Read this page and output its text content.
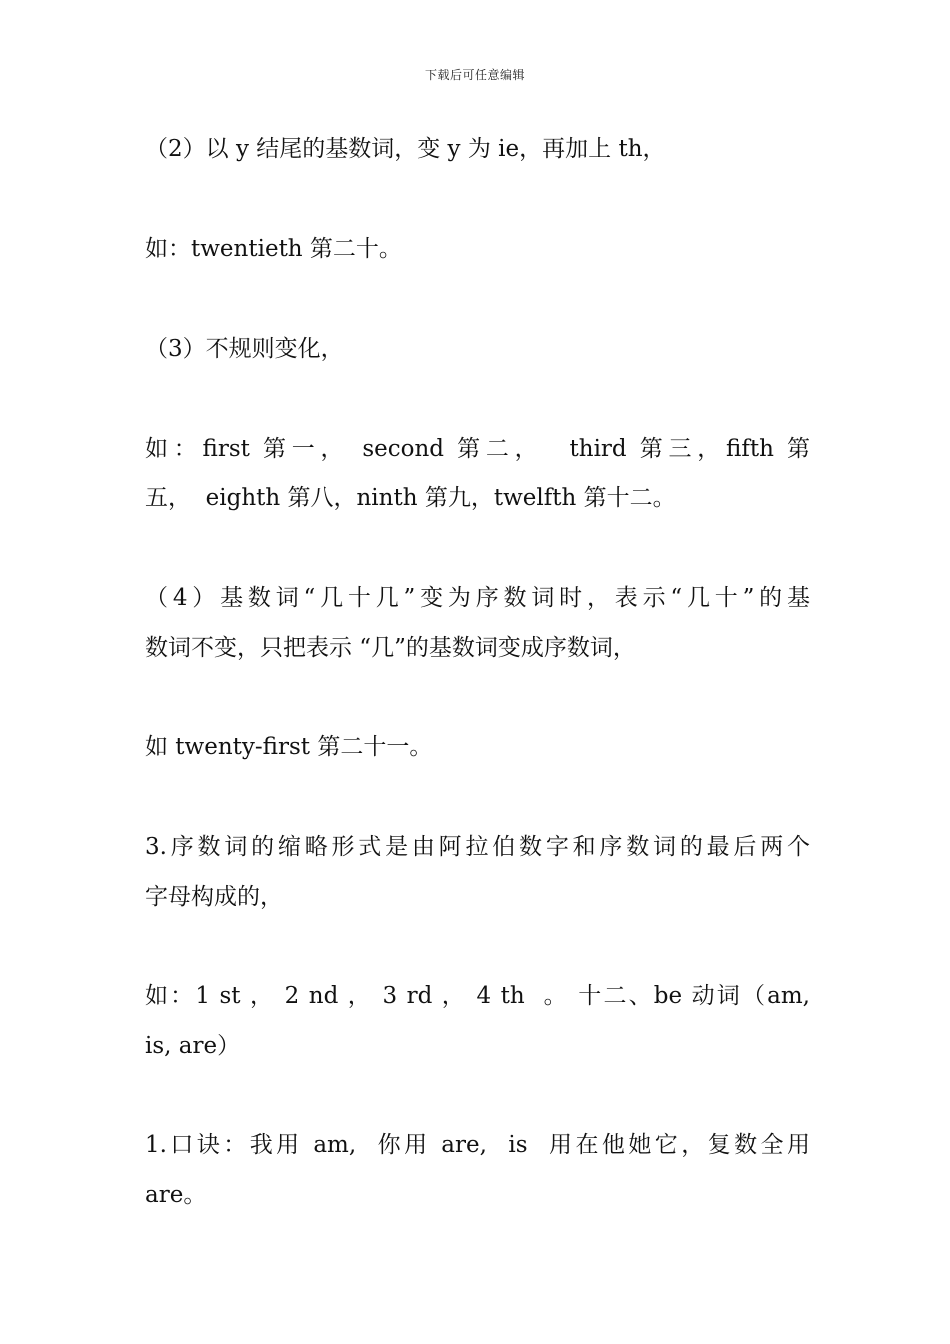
下载后可任意编辑
（2）以 y 结尾的基数词，变 y 为 ie，再加上 th，
如：twentieth 第二十。
（3）不规则变化，
如：first 第一， second 第二，  third 第三，fifth 第
五，  eighth 第八，ninth 第九，twelfth 第十二。
（4）基数词“几十几”变为序数词时，表示“几十”的基
数词不变，只把表示 “几”的基数词变成序数词，
如 twenty-first 第二十一。
3.序数词的缩略形式是由阿拉伯数字和序数词的最后两个
字母构成的，
如：1 st ， 2 nd ， 3 rd ， 4 th  。 十二、be 动词（am,
is, are）
1.口诀：我用 am,  你用 are,  is  用在他她它，复数全用
are。
